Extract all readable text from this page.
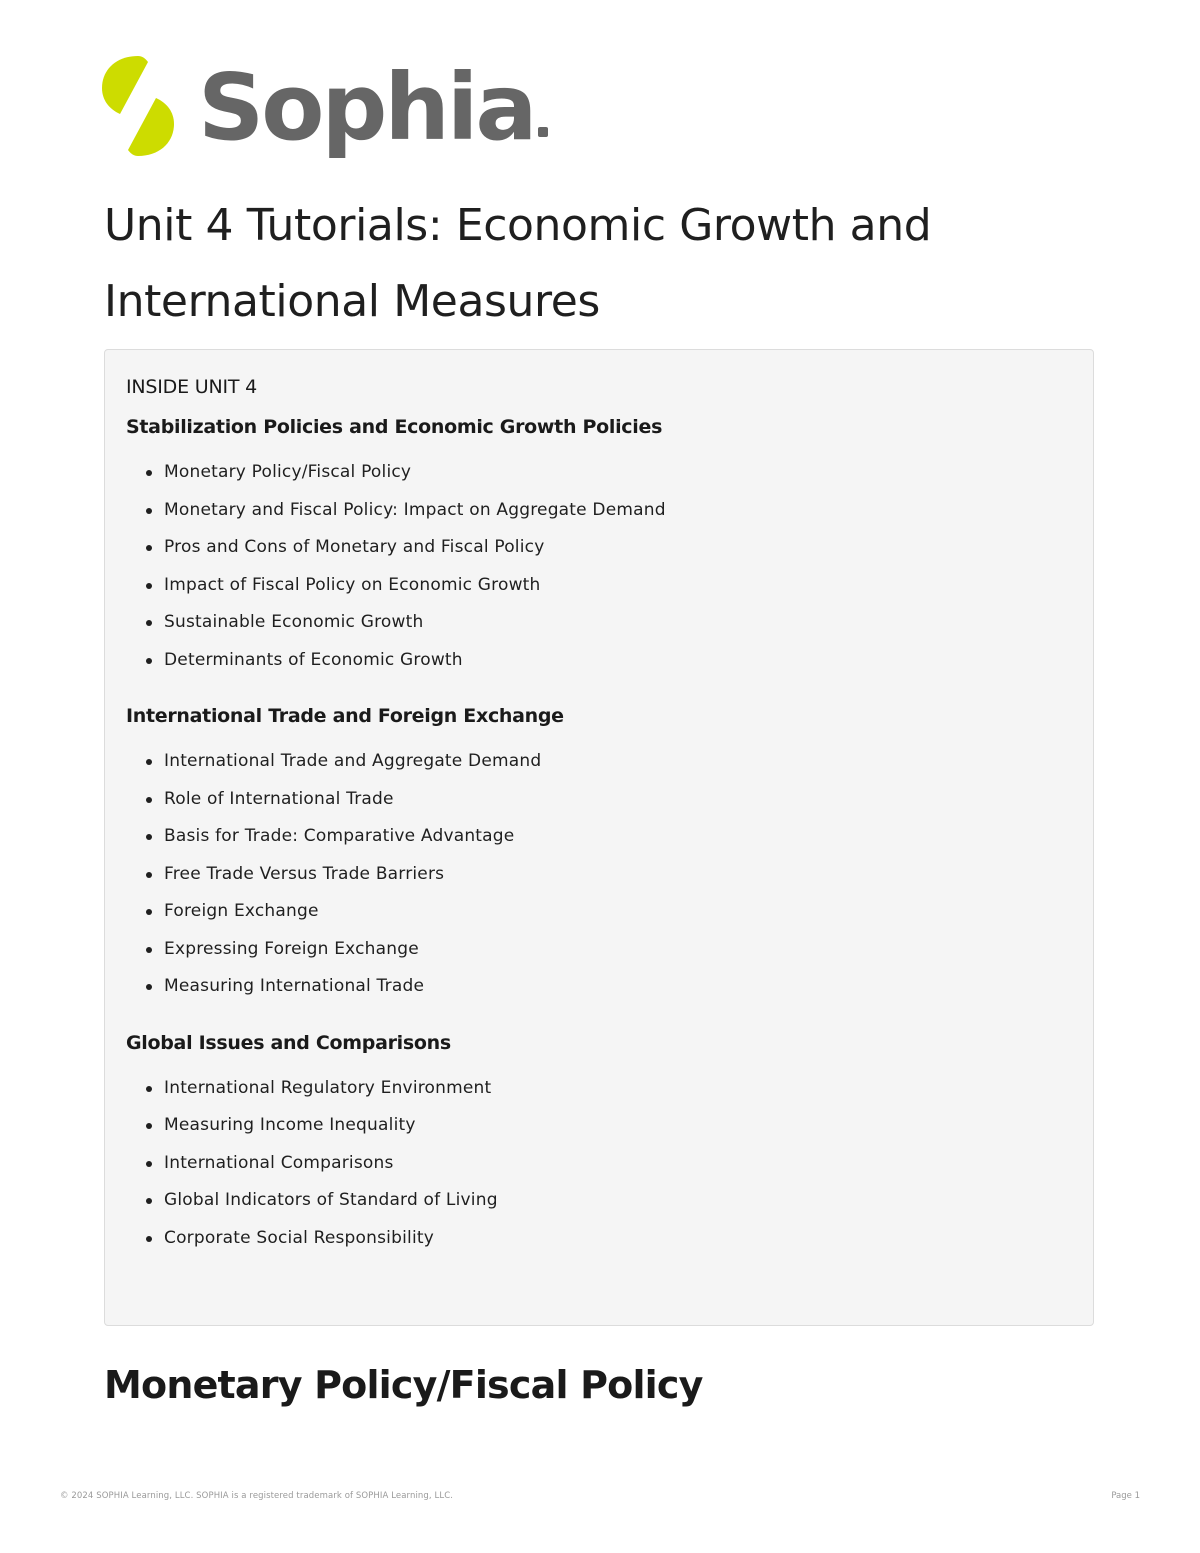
Sophia
Unit 4 Tutorials: Economic Growth and International Measures
INSIDE UNIT 4
Stabilization Policies and Economic Growth Policies
Monetary Policy/Fiscal Policy
Monetary and Fiscal Policy: Impact on Aggregate Demand
Pros and Cons of Monetary and Fiscal Policy
Impact of Fiscal Policy on Economic Growth
Sustainable Economic Growth
Determinants of Economic Growth
International Trade and Foreign Exchange
International Trade and Aggregate Demand
Role of International Trade
Basis for Trade: Comparative Advantage
Free Trade Versus Trade Barriers
Foreign Exchange
Expressing Foreign Exchange
Measuring International Trade
Global Issues and Comparisons
International Regulatory Environment
Measuring Income Inequality
International Comparisons
Global Indicators of Standard of Living
Corporate Social Responsibility
Monetary Policy/Fiscal Policy
© 2024 SOPHIA Learning, LLC. SOPHIA is a registered trademark of SOPHIA Learning, LLC.	Page 1
